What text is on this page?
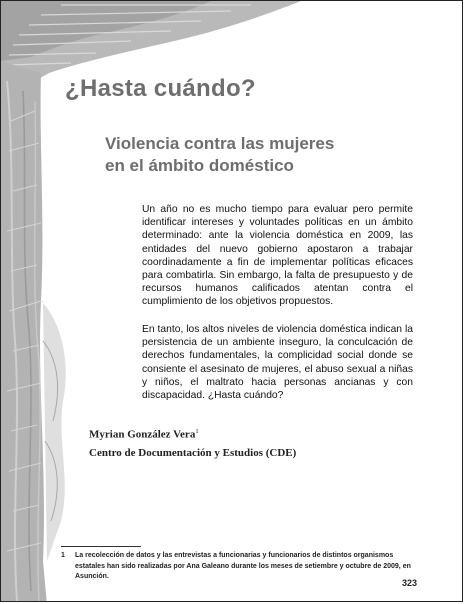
¿Hasta cuándo?
Violencia contra las mujeres
en el ámbito doméstico

Un año no es mucho tiempo para evaluar pero permite identificar intereses y voluntades políticas en un ámbito determinado: ante la violencia doméstica en 2009, las entidades del nuevo gobierno apostaron a trabajar coordinadamente a fin de implementar políticas eficaces para combatirla. Sin embargo, la falta de presupuesto y de recursos humanos calificados atentan contra el cumplimiento de los objetivos propuestos.

En tanto, los altos niveles de violencia doméstica indican la persistencia de un ambiente inseguro, la conculcación de derechos fundamentales, la complicidad social donde se consiente el asesinato de mujeres, el abuso sexual a niñas y niños, el maltrato hacia personas ancianas y con discapacidad. ¿Hasta cuándo?

Myrian González Vera$^1$

Centro de Documentación y Estudios (CDE)

1	La recolección de datos y las entrevistas a funcionarias y funcionarios de distintos organismos estatales han sido realizadas por Ana Galeano durante los meses de setiembre y octubre de 2009, en Asunción.

323
